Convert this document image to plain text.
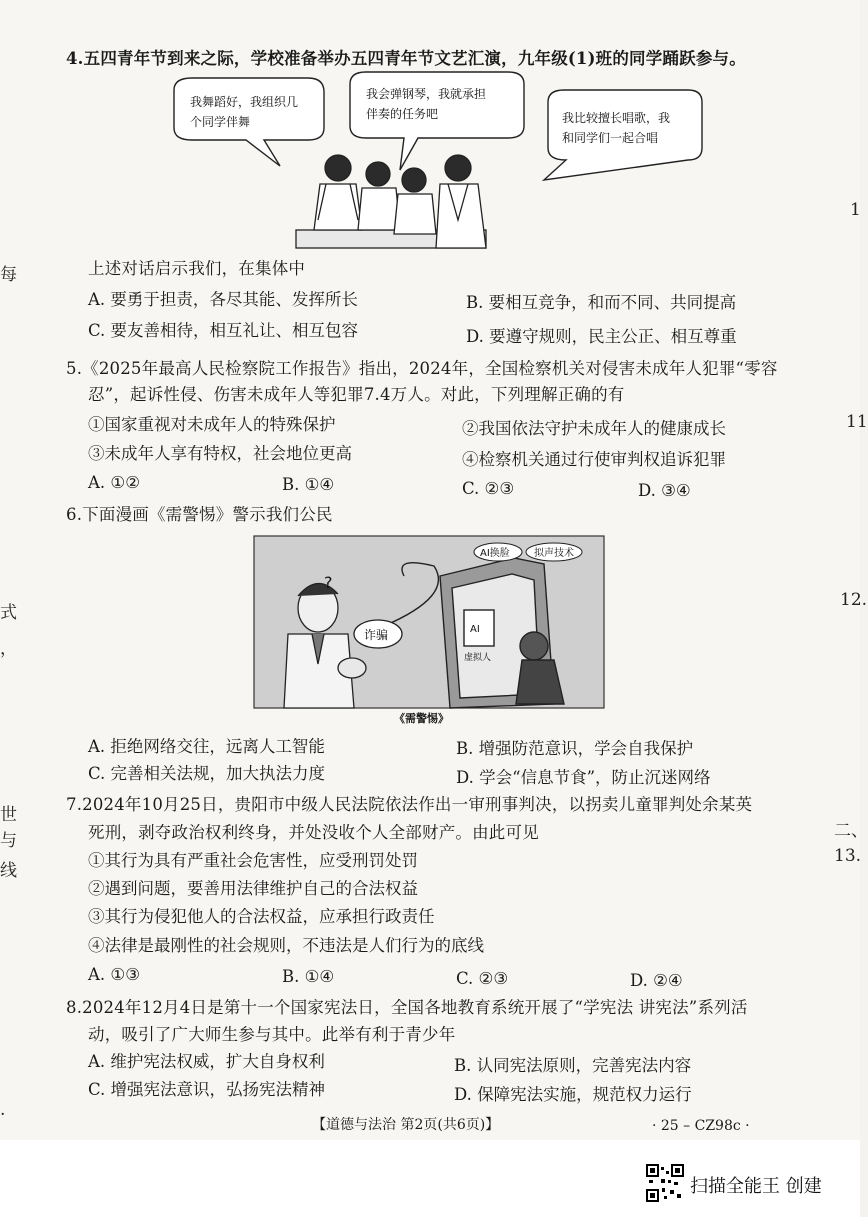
4.五四青年节到来之际，学校准备举办五四青年节文艺汇演，九年级(1)班的同学踊跃参与。
我舞蹈好，我组织几
个同学伴舞
我会弹钢琴，我就承担
伴奏的任务吧	我比较擅长唱歌，我
和同学们一起合唱
上述对话启示我们，在集体中
A. 要勇于担责，各尽其能、发挥所长	B. 要相互竞争，和而不同、共同提高
C. 要友善相待，相互礼让、相互包容	D. 要遵守规则，民主公正、相互尊重
5.《2025年最高人民检察院工作报告》指出，2024年，全国检察机关对侵害未成年人犯罪“零容
忍”，起诉性侵、伤害未成年人等犯罪7.4万人。对此，下列理解正确的有
①国家重视对未成年人的特殊保护	②我国依法守护未成年人的健康成长
③未成年人享有特权，社会地位更高	④检察机关通过行使审判权追诉犯罪
A. ①②	B. ①④	C. ②③	D. ③④
6.下面漫画《需警惕》警示我们公民
?
诈骗	AI
虚拟人
AI换脸 拟声技术
《需警惕》
A. 拒绝网络交往，远离人工智能	B. 增强防范意识，学会自我保护
C. 完善相关法规，加大执法力度	D. 学会“信息节食”，防止沉迷网络
7.2024年10月25日，贵阳市中级人民法院依法作出一审刑事判决，以拐卖儿童罪判处余某英
死刑，剥夺政治权利终身，并处没收个人全部财产。由此可见
①其行为具有严重社会危害性，应受刑罚处罚
②遇到问题，要善用法律维护自己的合法权益
③其行为侵犯他人的合法权益，应承担行政责任
④法律是最刚性的社会规则，不违法是人们行为的底线
A. ①③	B. ①④	C. ②③	D. ②④
8.2024年12月4日是第十一个国家宪法日，全国各地教育系统开展了“学宪法 讲宪法”系列活
动，吸引了广大师生参与其中。此举有利于青少年
A. 维护宪法权威，扩大自身权利	B. 认同宪法原则，完善宪法内容
C. 增强宪法意识，弘扬宪法精神	D. 保障宪法实施，规范权力运行
【道德与法治 第2页(共6页)】	· 25 – CZ98c ·
每
式
，
世
与
线
.
1
11
12.
二、
13.
扫描全能王 创建
